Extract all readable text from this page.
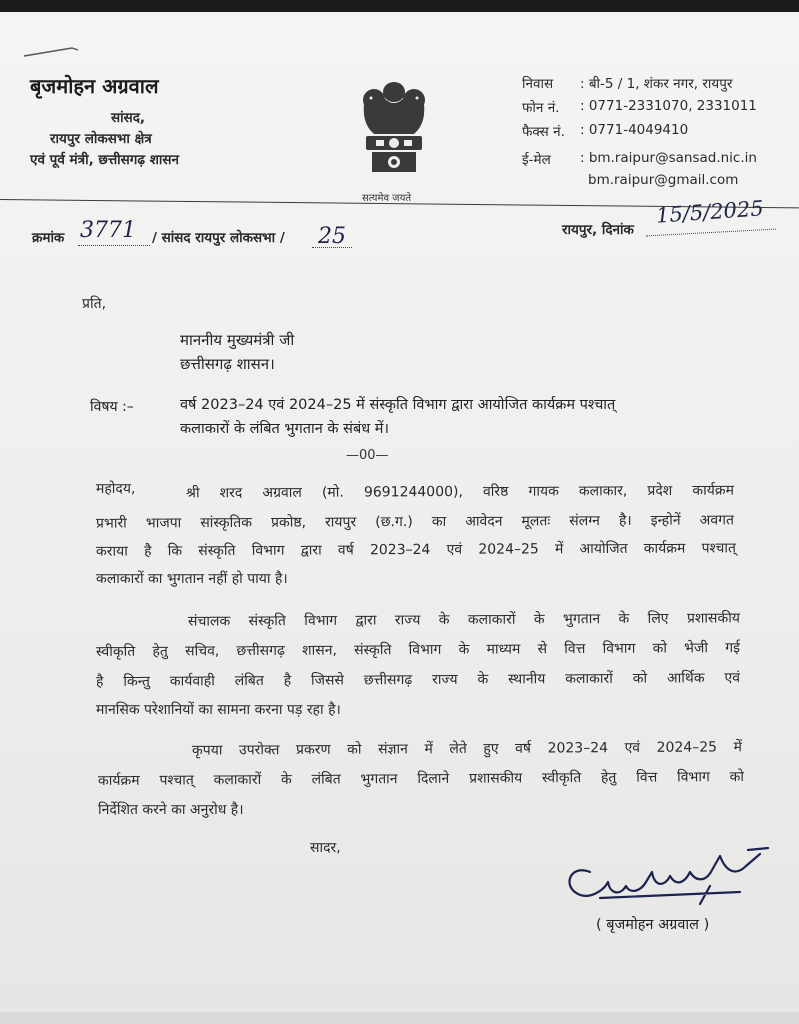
बृजमोहन अग्रवाल
सांसद,
रायपुर लोकसभा क्षेत्र
एवं पूर्व मंत्री, छत्तीसगढ़ शासन
सत्यमेव जयते
निवास : बी-5 / 1, शंकर नगर, रायपुर
फोन नं. : 0771-2331070, 2331011
फैक्स नं. : 0771-4049410
ई-मेल : bm.raipur@sansad.nic.in
bm.raipur@gmail.com
क्रमांक 3771 / सांसद रायपुर लोकसभा / 25	रायपुर, दिनांक
15/5/2025
प्रति,
माननीय मुख्यमंत्री जी
छत्तीसगढ़ शासन।
विषय :–	वर्ष 2023–24 एवं 2024–25 में संस्कृति विभाग द्वारा आयोजित कार्यक्रम पश्चात्
कलाकारों के लंबित भुगतान के संबंध में।
—00—
महोदय,	श्री शरद अग्रवाल (मो. 9691244000), वरिष्ठ गायक कलाकार, प्रदेश कार्यक्रम
प्रभारी भाजपा सांस्कृतिक प्रकोष्ठ, रायपुर (छ.ग.) का आवेदन मूलतः संलग्न है। इन्होनें अवगत
कराया है कि संस्कृति विभाग द्वारा वर्ष 2023–24 एवं 2024–25 में आयोजित कार्यक्रम पश्चात्
कलाकारों का भुगतान नहीं हो पाया है।
संचालक संस्कृति विभाग द्वारा राज्य के कलाकारों के भुगतान के लिए प्रशासकीय
स्वीकृति हेतु सचिव, छत्तीसगढ़ शासन, संस्कृति विभाग के माध्यम से वित्त विभाग को भेजी गई
है किन्तु कार्यवाही लंबित है जिससे छत्तीसगढ़ राज्य के स्थानीय कलाकारों को आर्थिक एवं
मानसिक परेशानियों का सामना करना पड़ रहा है।
कृपया उपरोक्त प्रकरण को संज्ञान में लेते हुए वर्ष 2023–24 एवं 2024–25 में
कार्यक्रम पश्चात् कलाकारों के लंबित भुगतान दिलाने प्रशासकीय स्वीकृति हेतु वित्त विभाग को
निर्देशित करने का अनुरोध है।
सादर,
( बृजमोहन अग्रवाल )
